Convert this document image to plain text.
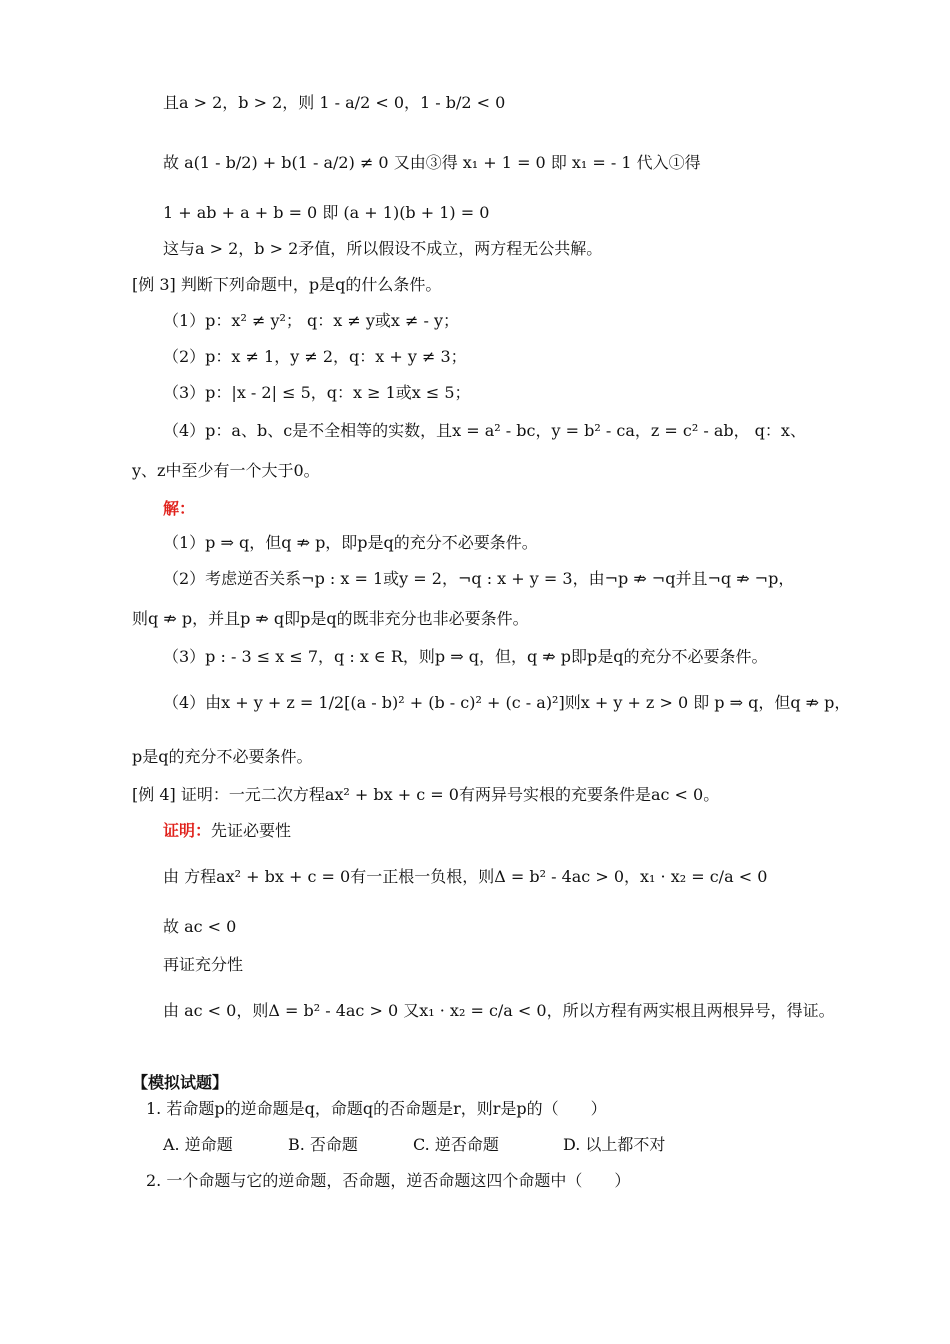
且a > 2，b > 2，则 1 - a/2 < 0，1 - b/2 < 0
故 a(1 - b/2) + b(1 - a/2) ≠ 0 又由③得 x₁ + 1 = 0 即 x₁ = - 1 代入①得
1 + ab + a + b = 0 即 (a + 1)(b + 1) = 0
这与a > 2，b > 2矛值，所以假设不成立，两方程无公共解。
[例 3] 判断下列命题中，p是q的什么条件。
（1）p：x² ≠ y²； q：x ≠ y或x ≠ - y；
（2）p：x ≠ 1，y ≠ 2，q：x + y ≠ 3；
（3）p：|x - 2| ≤ 5，q：x ≥ 1或x ≤ 5；
（4）p：a、b、c是不全相等的实数，且x = a² - bc，y = b² - ca，z = c² - ab， q：x、
y、z中至少有一个大于0。
解：
（1）p ⇒ q，但q ⇏ p，即p是q的充分不必要条件。
（2）考虑逆否关系¬p : x = 1或y = 2，¬q : x + y = 3，由¬p ⇏ ¬q并且¬q ⇏ ¬p，
则q ⇏ p，并且p ⇏ q即p是q的既非充分也非必要条件。
（3）p : - 3 ≤ x ≤ 7，q : x ∈ R，则p ⇒ q，但，q ⇏ p即p是q的充分不必要条件。
（4）由x + y + z = 1/2[(a - b)² + (b - c)² + (c - a)²]则x + y + z > 0 即 p ⇒ q，但q ⇏ p，
p是q的充分不必要条件。
[例 4] 证明：一元二次方程ax² + bx + c = 0有两异号实根的充要条件是ac < 0。
证明：先证必要性
由 方程ax² + bx + c = 0有一正根一负根，则Δ = b² - 4ac > 0，x₁ · x₂ = c/a < 0
故 ac < 0
再证充分性
由 ac < 0，则Δ = b² - 4ac > 0 又x₁ · x₂ = c/a < 0，所以方程有两实根且两根异号，得证。
【模拟试题】
1. 若命题p的逆命题是q，命题q的否命题是r，则r是p的（　　）
A. 逆命题	B. 否命题	C. 逆否命题	D. 以上都不对
2. 一个命题与它的逆命题，否命题，逆否命题这四个命题中（　　）
